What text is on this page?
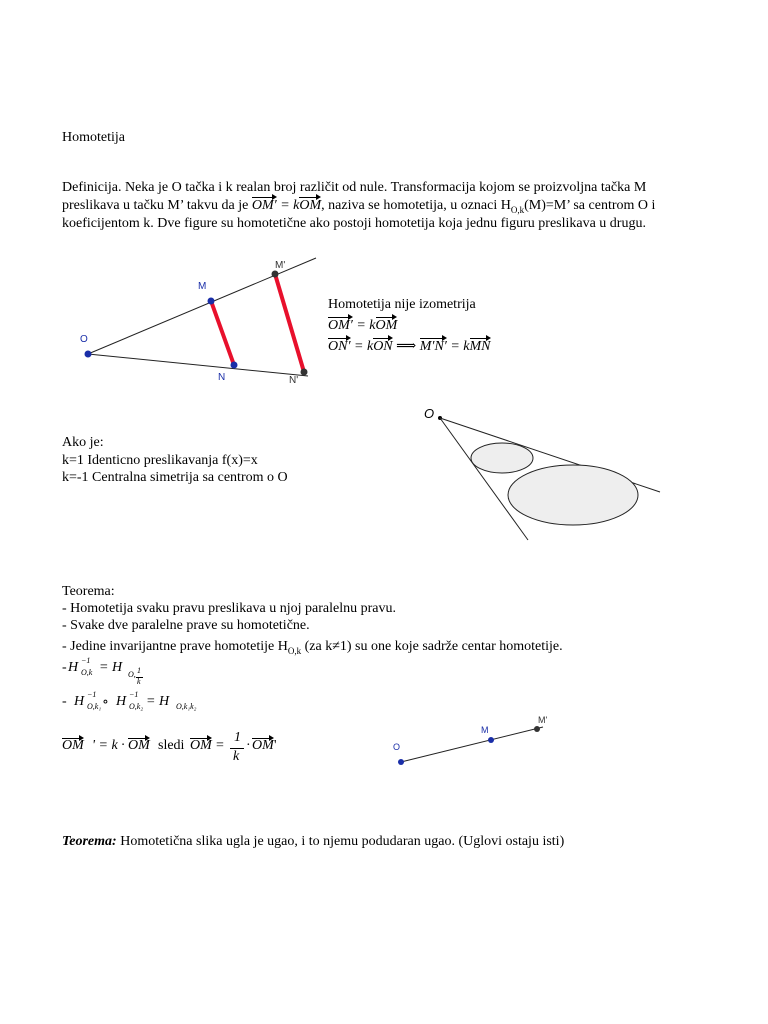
Homotetija
Definicija. Neka je O tačka i k realan broj različit od nule. Transformacija kojom se proizvoljna tačka M
preslikava u tačku M’ takvu da je OM′ = kOM, naziva se homotetija, u oznaci $H_{O,k}(M)=M$’ sa centrom O i
koeficijentom k. Dve figure su homotetične ako postoji homotetija koja jednu figuru preslikava u drugu.
O
M
N
M'
N'
Homotetija nije izometrija
OM′ = kOM
ON′ = kON ⟹ M′N′ = kMN
O
Ako je:
k=1 Identicno preslikavanja f(x)=x
k=-1 Centralna simetrija sa centrom o O
Teorema:
- Homotetija svaku pravu preslikava u njoj paralelnu pravu.
- Svake dve paralelne prave su homotetične.
- Jedine invarijantne prave homotetije $H_{O,k}$ (za k≠1) su one koje sadrže centar homotetije.
- H −1
O,k = H O, 1
k
- H −1
O,k₁ ∘ H −1
O,k₂ = H O,k₁k₂
OM ' = k · OM sledi OM =
1
k
· OM '	O
M
M'
Teorema: Homotetična slika ugla je ugao, i to njemu podudaran ugao. (Uglovi ostaju isti)
